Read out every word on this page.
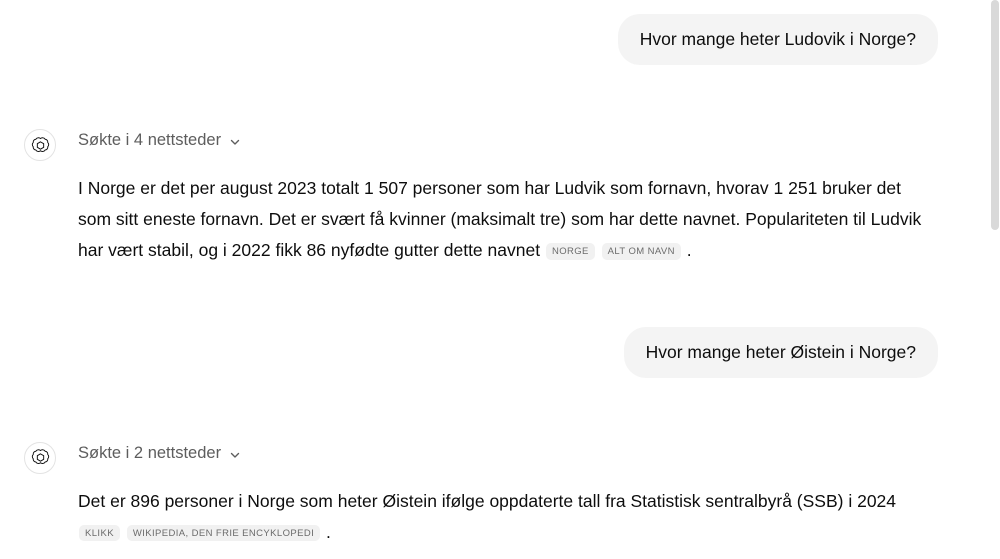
Hvor mange heter Ludovik i Norge?
Søkte i 4 nettsteder
I Norge er det per august 2023 totalt 1 507 personer som har Ludvik som fornavn, hvorav 1 251 bruker det som sitt eneste fornavn. Det er svært få kvinner (maksimalt tre) som har dette navnet. Populariteten til Ludvik har vært stabil, og i 2022 fikk 86 nyfødte gutter dette navnet NORGE ALT OM NAVN .
Hvor mange heter Øistein i Norge?
Søkte i 2 nettsteder
Det er 896 personer i Norge som heter Øistein ifølge oppdaterte tall fra Statistisk sentralbyrå (SSB) i 2024 KLIKK WIKIPEDIA, DEN FRIE ENCYKLOPEDI .
